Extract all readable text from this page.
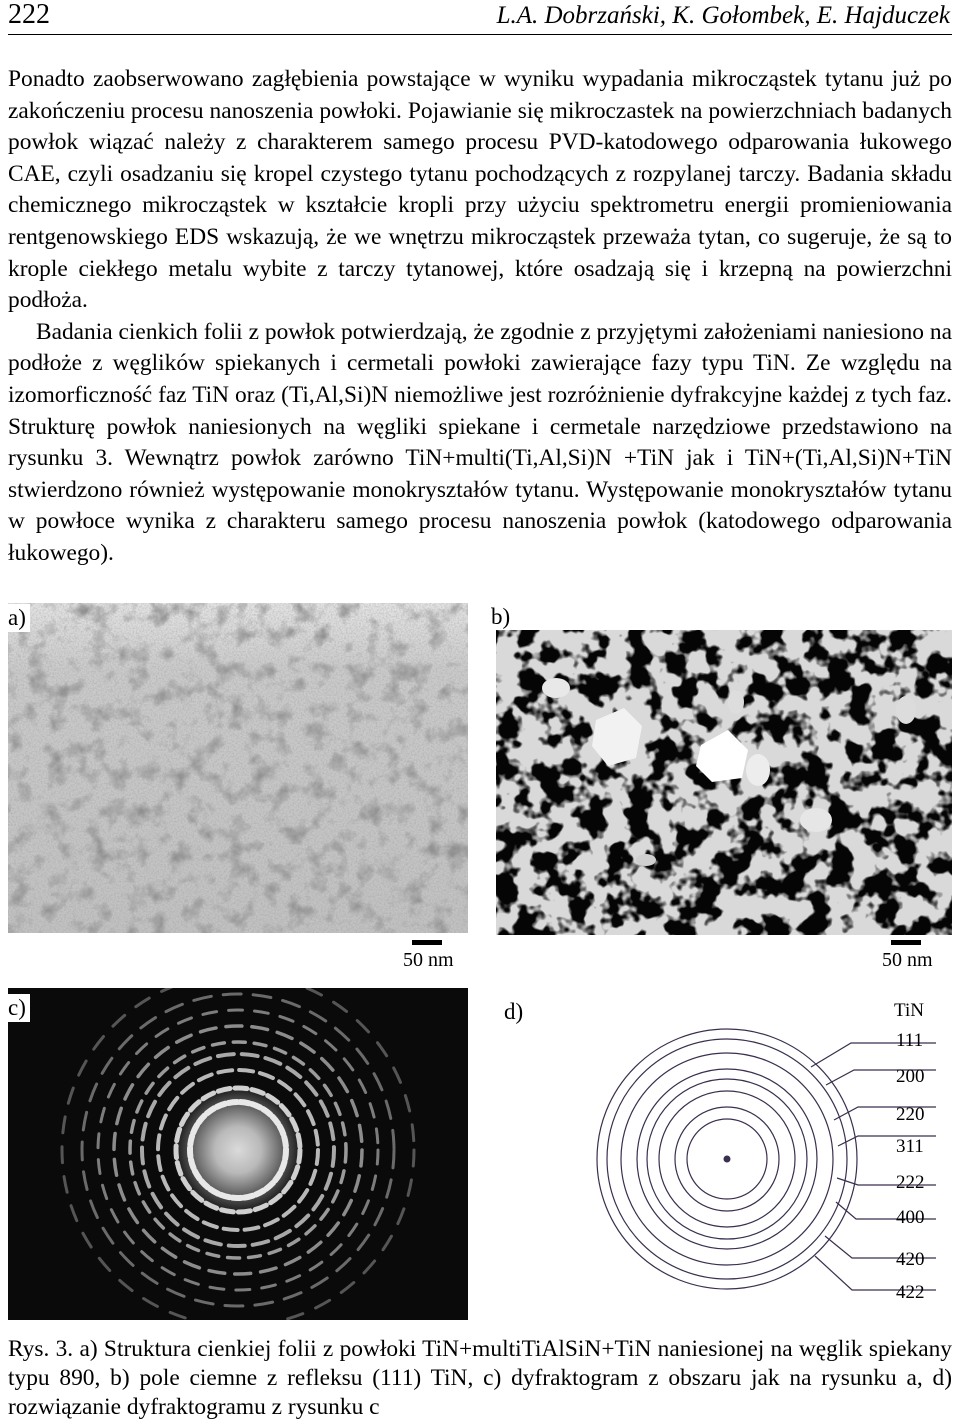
222	L.A. Dobrzański, K. Gołombek, E. Hajduczek

Ponadto zaobserwowano zagłębienia powstające w wyniku wypadania mikrocząstek tytanu już po zakończeniu procesu nanoszenia powłoki. Pojawianie się mikroczastek na powierzchniach badanych powłok wiązać należy z charakterem samego procesu PVD-katodowego odparowania łukowego CAE, czyli osadzaniu się kropel czystego tytanu pochodzących z rozpylanej tarczy. Badania składu chemicznego mikrocząstek w kształcie kropli przy użyciu spektrometru energii promieniowania rentgenowskiego EDS wskazują, że we wnętrzu mikrocząstek przeważa tytan, co sugeruje, że są to krople ciekłego metalu wybite z tarczy tytanowej, które osadzają się i krzepną na powierzchni podłoża.

Badania cienkich folii z powłok potwierdzają, że zgodnie z przyjętymi założeniami naniesiono na podłoże z węglików spiekanych i cermetali powłoki zawierające fazy typu TiN. Ze względu na izomorficzność faz TiN oraz (Ti,Al,Si)N niemożliwe jest rozróżnienie dyfrakcyjne każdej z tych faz. Strukturę powłok naniesionych na węgliki spiekane i cermetale narzędziowe przedstawiono na rysunku 3. Wewnątrz powłok zarówno TiN+multi(Ti,Al,Si)N +TiN jak i TiN+(Ti,Al,Si)N+TiN stwierdzono również występowanie monokryształów tytanu. Występowanie monokryształów tytanu w powłoce wynika z charakteru samego procesu nanoszenia powłok (katodowego odparowania łukowego).

a)
50 nm
b)
50 nm
c)	d)	TiN
111
200
220
311
222
400
420
422
Rys. 3. a) Struktura cienkiej folii z powłoki TiN+multiTiAlSiN+TiN naniesionej na węglik spiekany typu 890, b) pole ciemne z refleksu (111) TiN, c) dyfraktogram z obszaru jak na rysunku a, d) rozwiązanie dyfraktogramu z rysunku c
